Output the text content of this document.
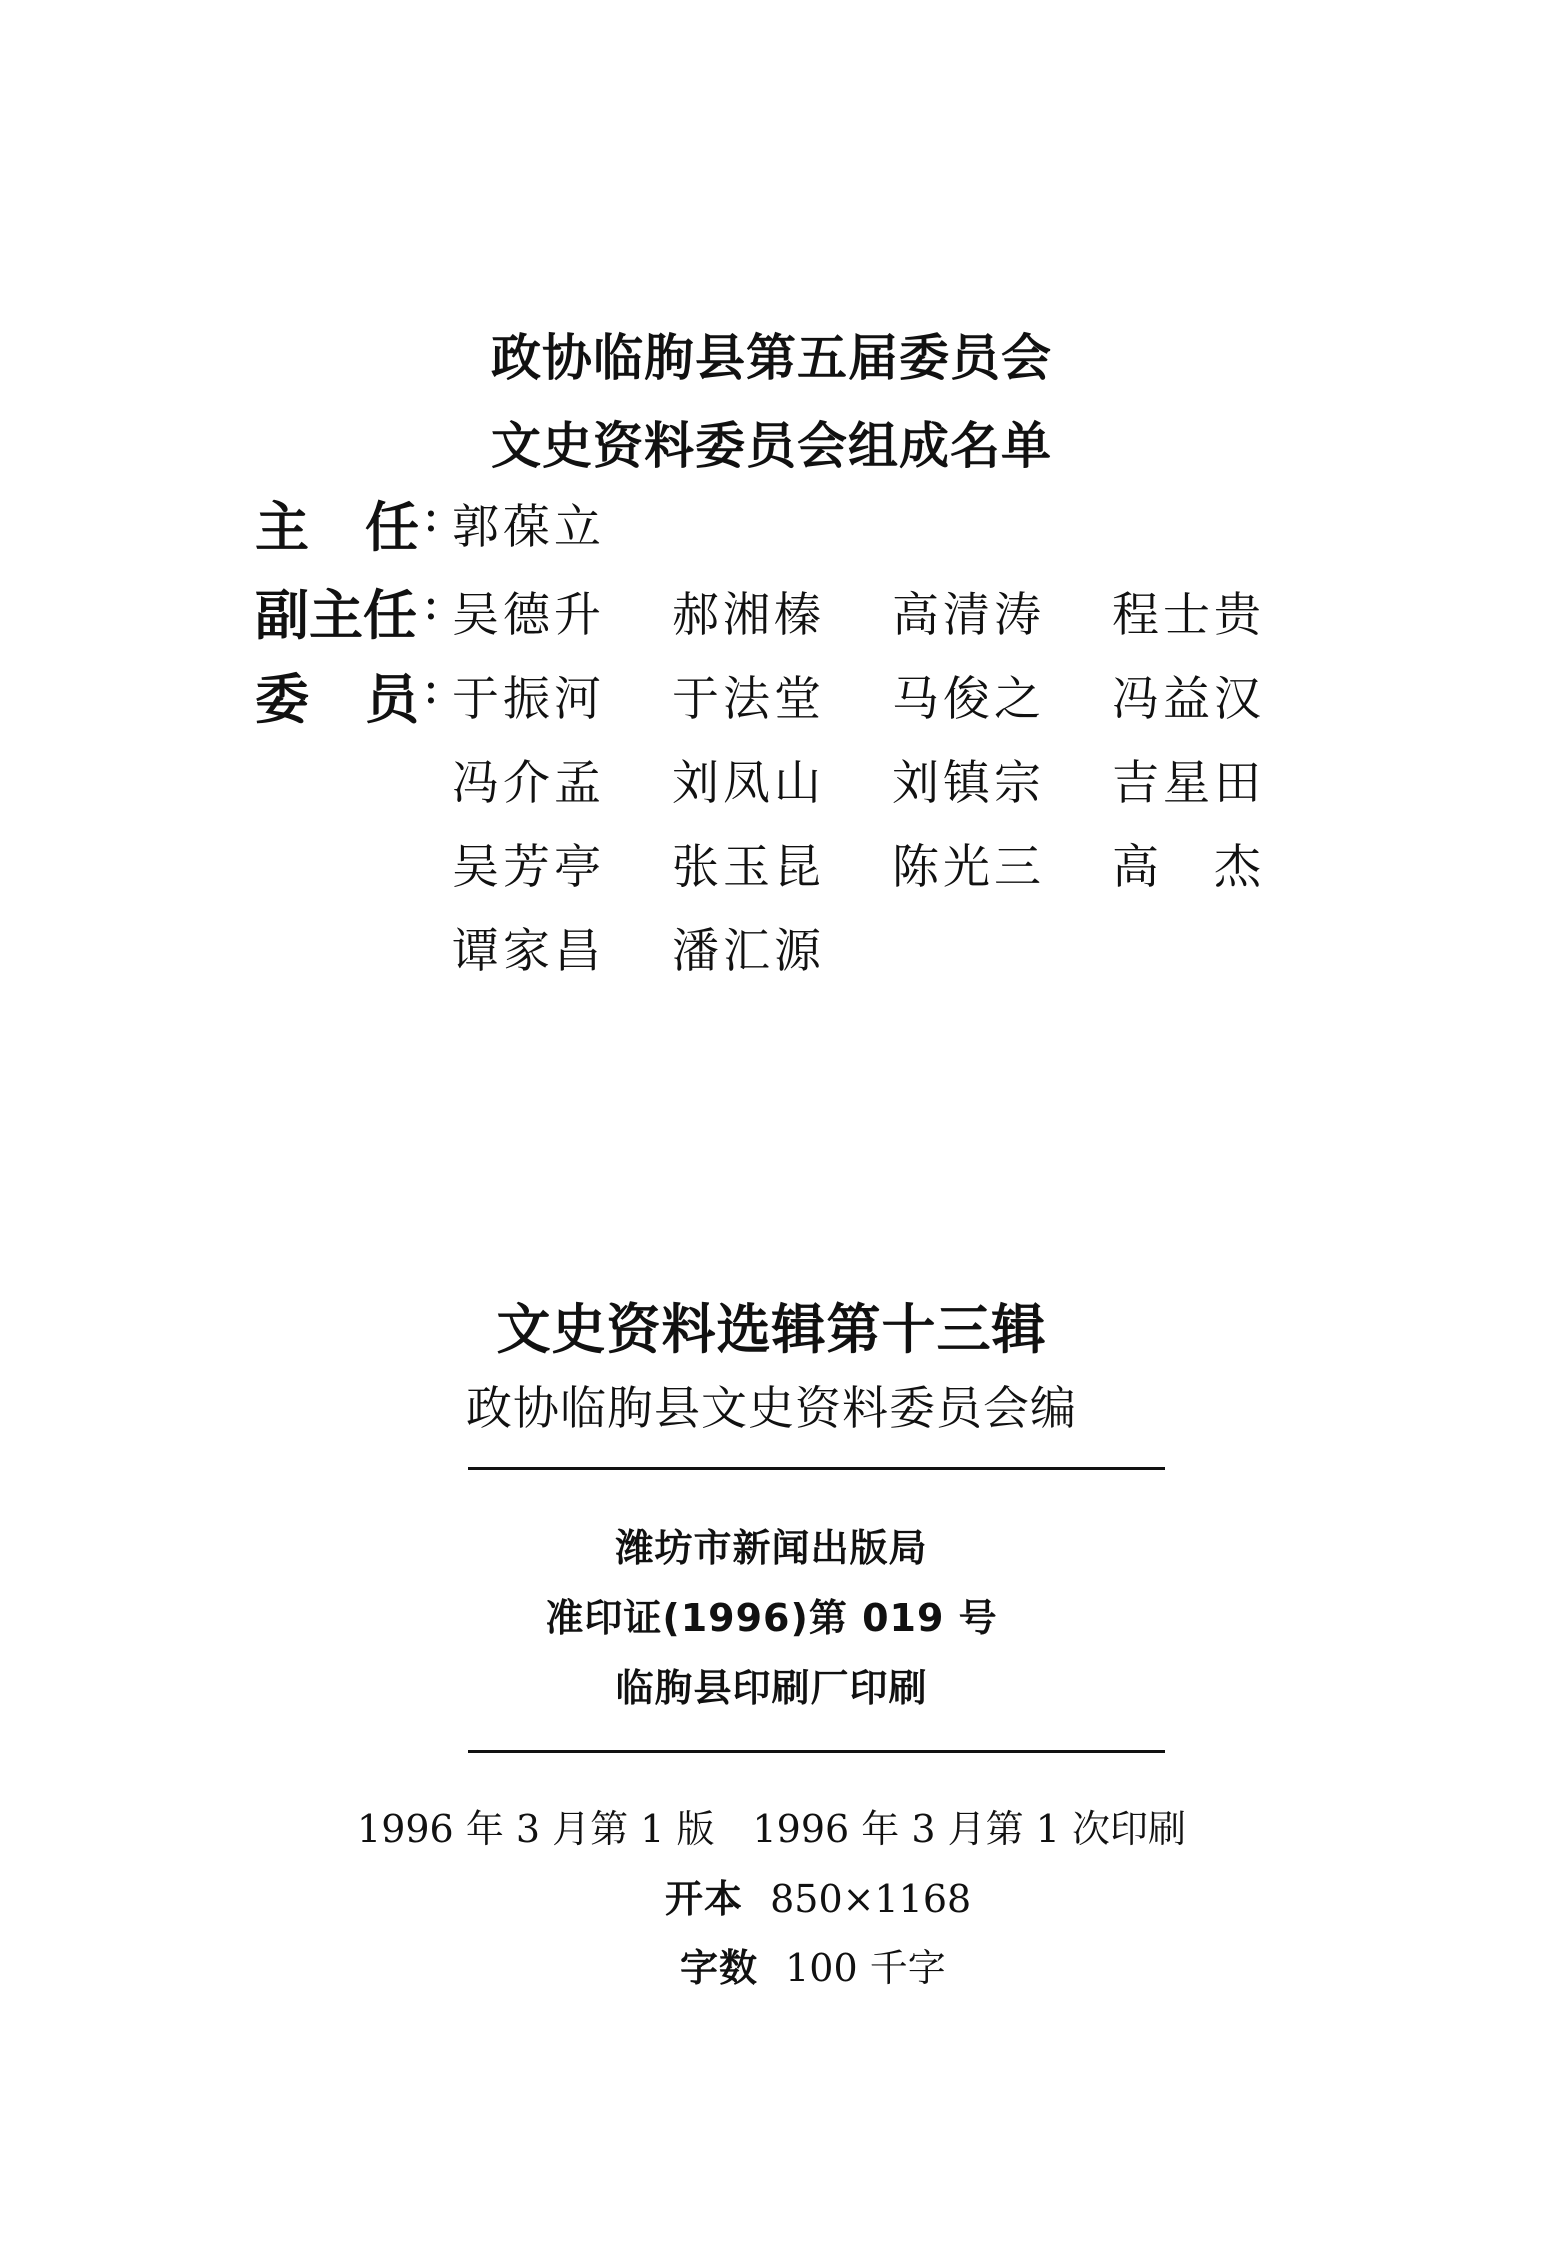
政协临朐县第五届委员会
文史资料委员会组成名单
主 任 : 郭葆立
副主任 : 吴德升 郝湘榛 高清涛 程士贵
委 员 : 于振河 于法堂 马俊之 冯益汉
冯介孟 刘凤山 刘镇宗 吉星田
吴芳亭 张玉昆 陈光三 高　杰
谭家昌 潘汇源
文史资料选辑第十三辑
政协临朐县文史资料委员会编
潍坊市新闻出版局
准印证(1996)第 019 号
临朐县印刷厂印刷
1996 年 3 月第 1 版　1996 年 3 月第 1 次印刷
开本 850×1168
字数 100 千字
